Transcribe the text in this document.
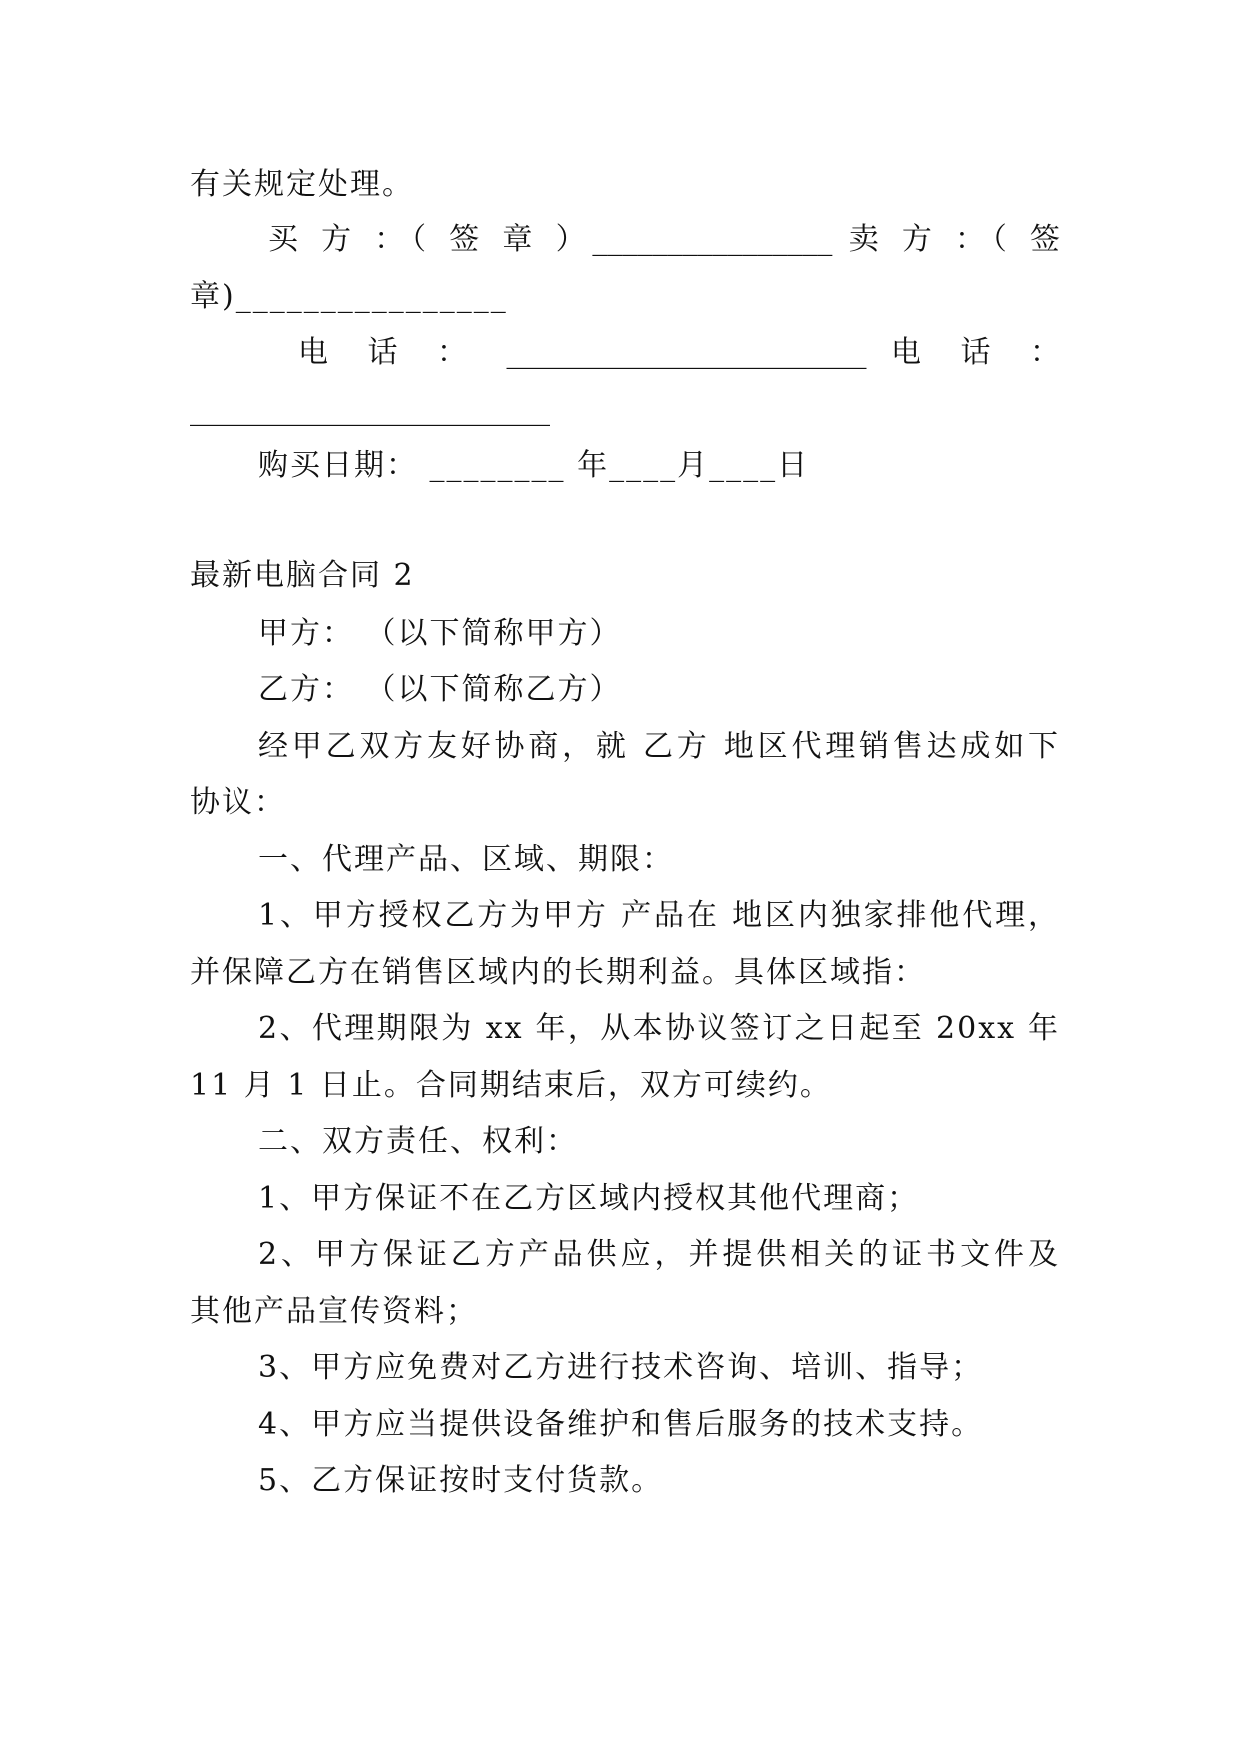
有关规定处理。
买 方 ：（ 签 章 ）________________ 卖 方 ：（ 签
章)________________
电 话 ： ________________________ 电 话 ：
________________________
购买日期： ________ 年____月____日
最新电脑合同 2
甲方： （以下简称甲方）
乙方： （以下简称乙方）
经甲乙双方友好协商，就 乙方 地区代理销售达成如下
协议：
一、代理产品、区域、期限：
1、甲方授权乙方为甲方 产品在 地区内独家排他代理，
并保障乙方在销售区域内的长期利益。具体区域指：
2、代理期限为 xx 年，从本协议签订之日起至 20xx 年
11 月 1 日止。合同期结束后，双方可续约。
二、双方责任、权利：
1、甲方保证不在乙方区域内授权其他代理商；
2、甲方保证乙方产品供应，并提供相关的证书文件及
其他产品宣传资料；
3、甲方应免费对乙方进行技术咨询、培训、指导；
4、甲方应当提供设备维护和售后服务的技术支持。
5、乙方保证按时支付货款。
